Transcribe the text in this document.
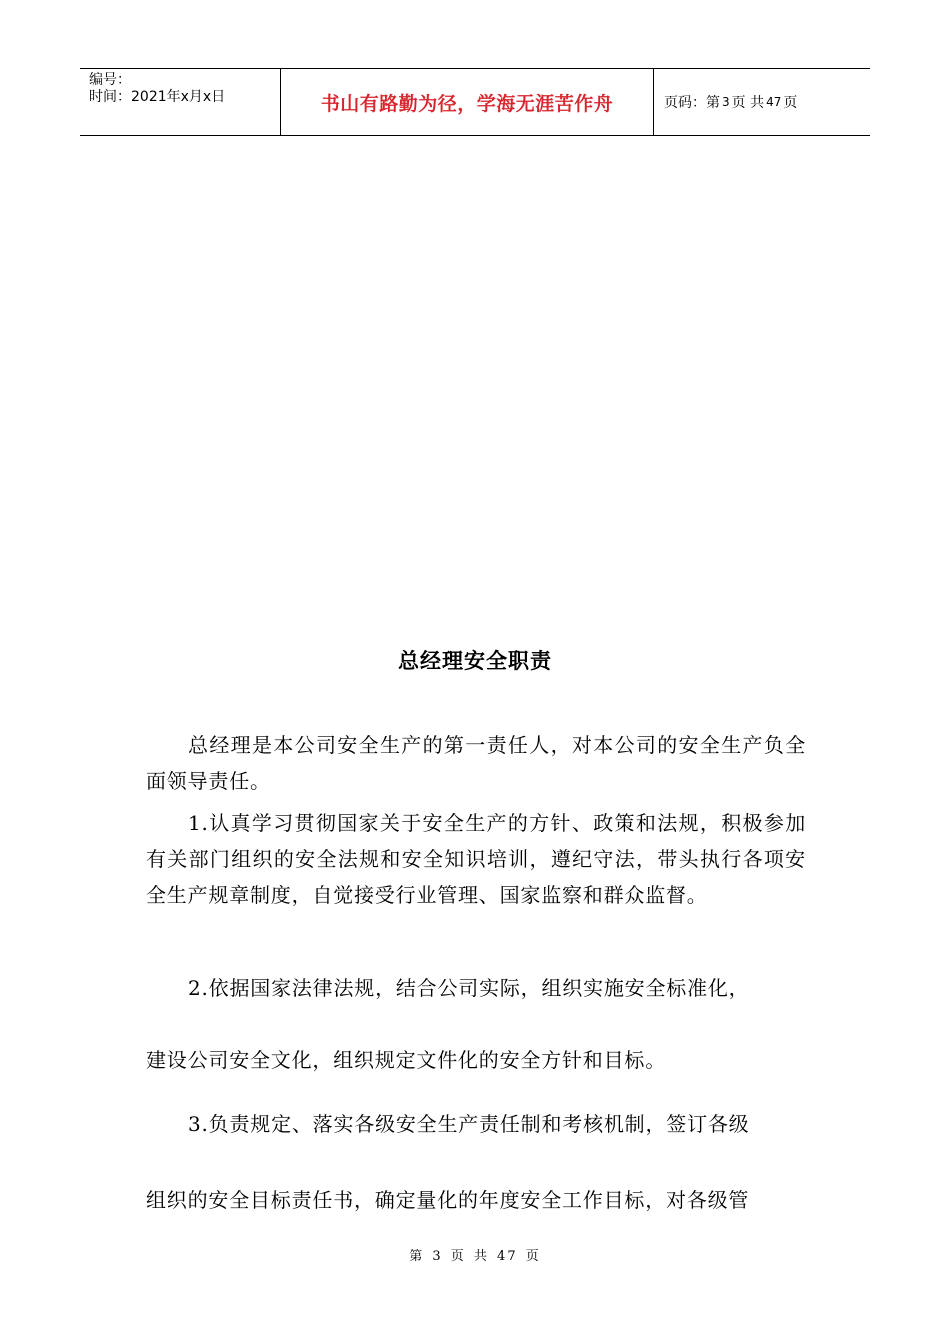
编号：
时间：2021年x月x日	书山有路勤为径，学海无涯苦作舟	页码：第 3 页 共 47 页
总经理安全职责

总经理是本公司安全生产的第一责任人，对本公司的安全生产负全面领导责任。

1.认真学习贯彻国家关于安全生产的方针、政策和法规，积极参加有关部门组织的安全法规和安全知识培训，遵纪守法，带头执行各项安全生产规章制度，自觉接受行业管理、国家监察和群众监督。

2.依据国家法律法规，结合公司实际，组织实施安全标准化，

建设公司安全文化，组织规定文件化的安全方针和目标。

3.负责规定、落实各级安全生产责任制和考核机制，签订各级

组织的安全目标责任书，确定量化的年度安全工作目标，对各级管

第 3 页 共 47 页
